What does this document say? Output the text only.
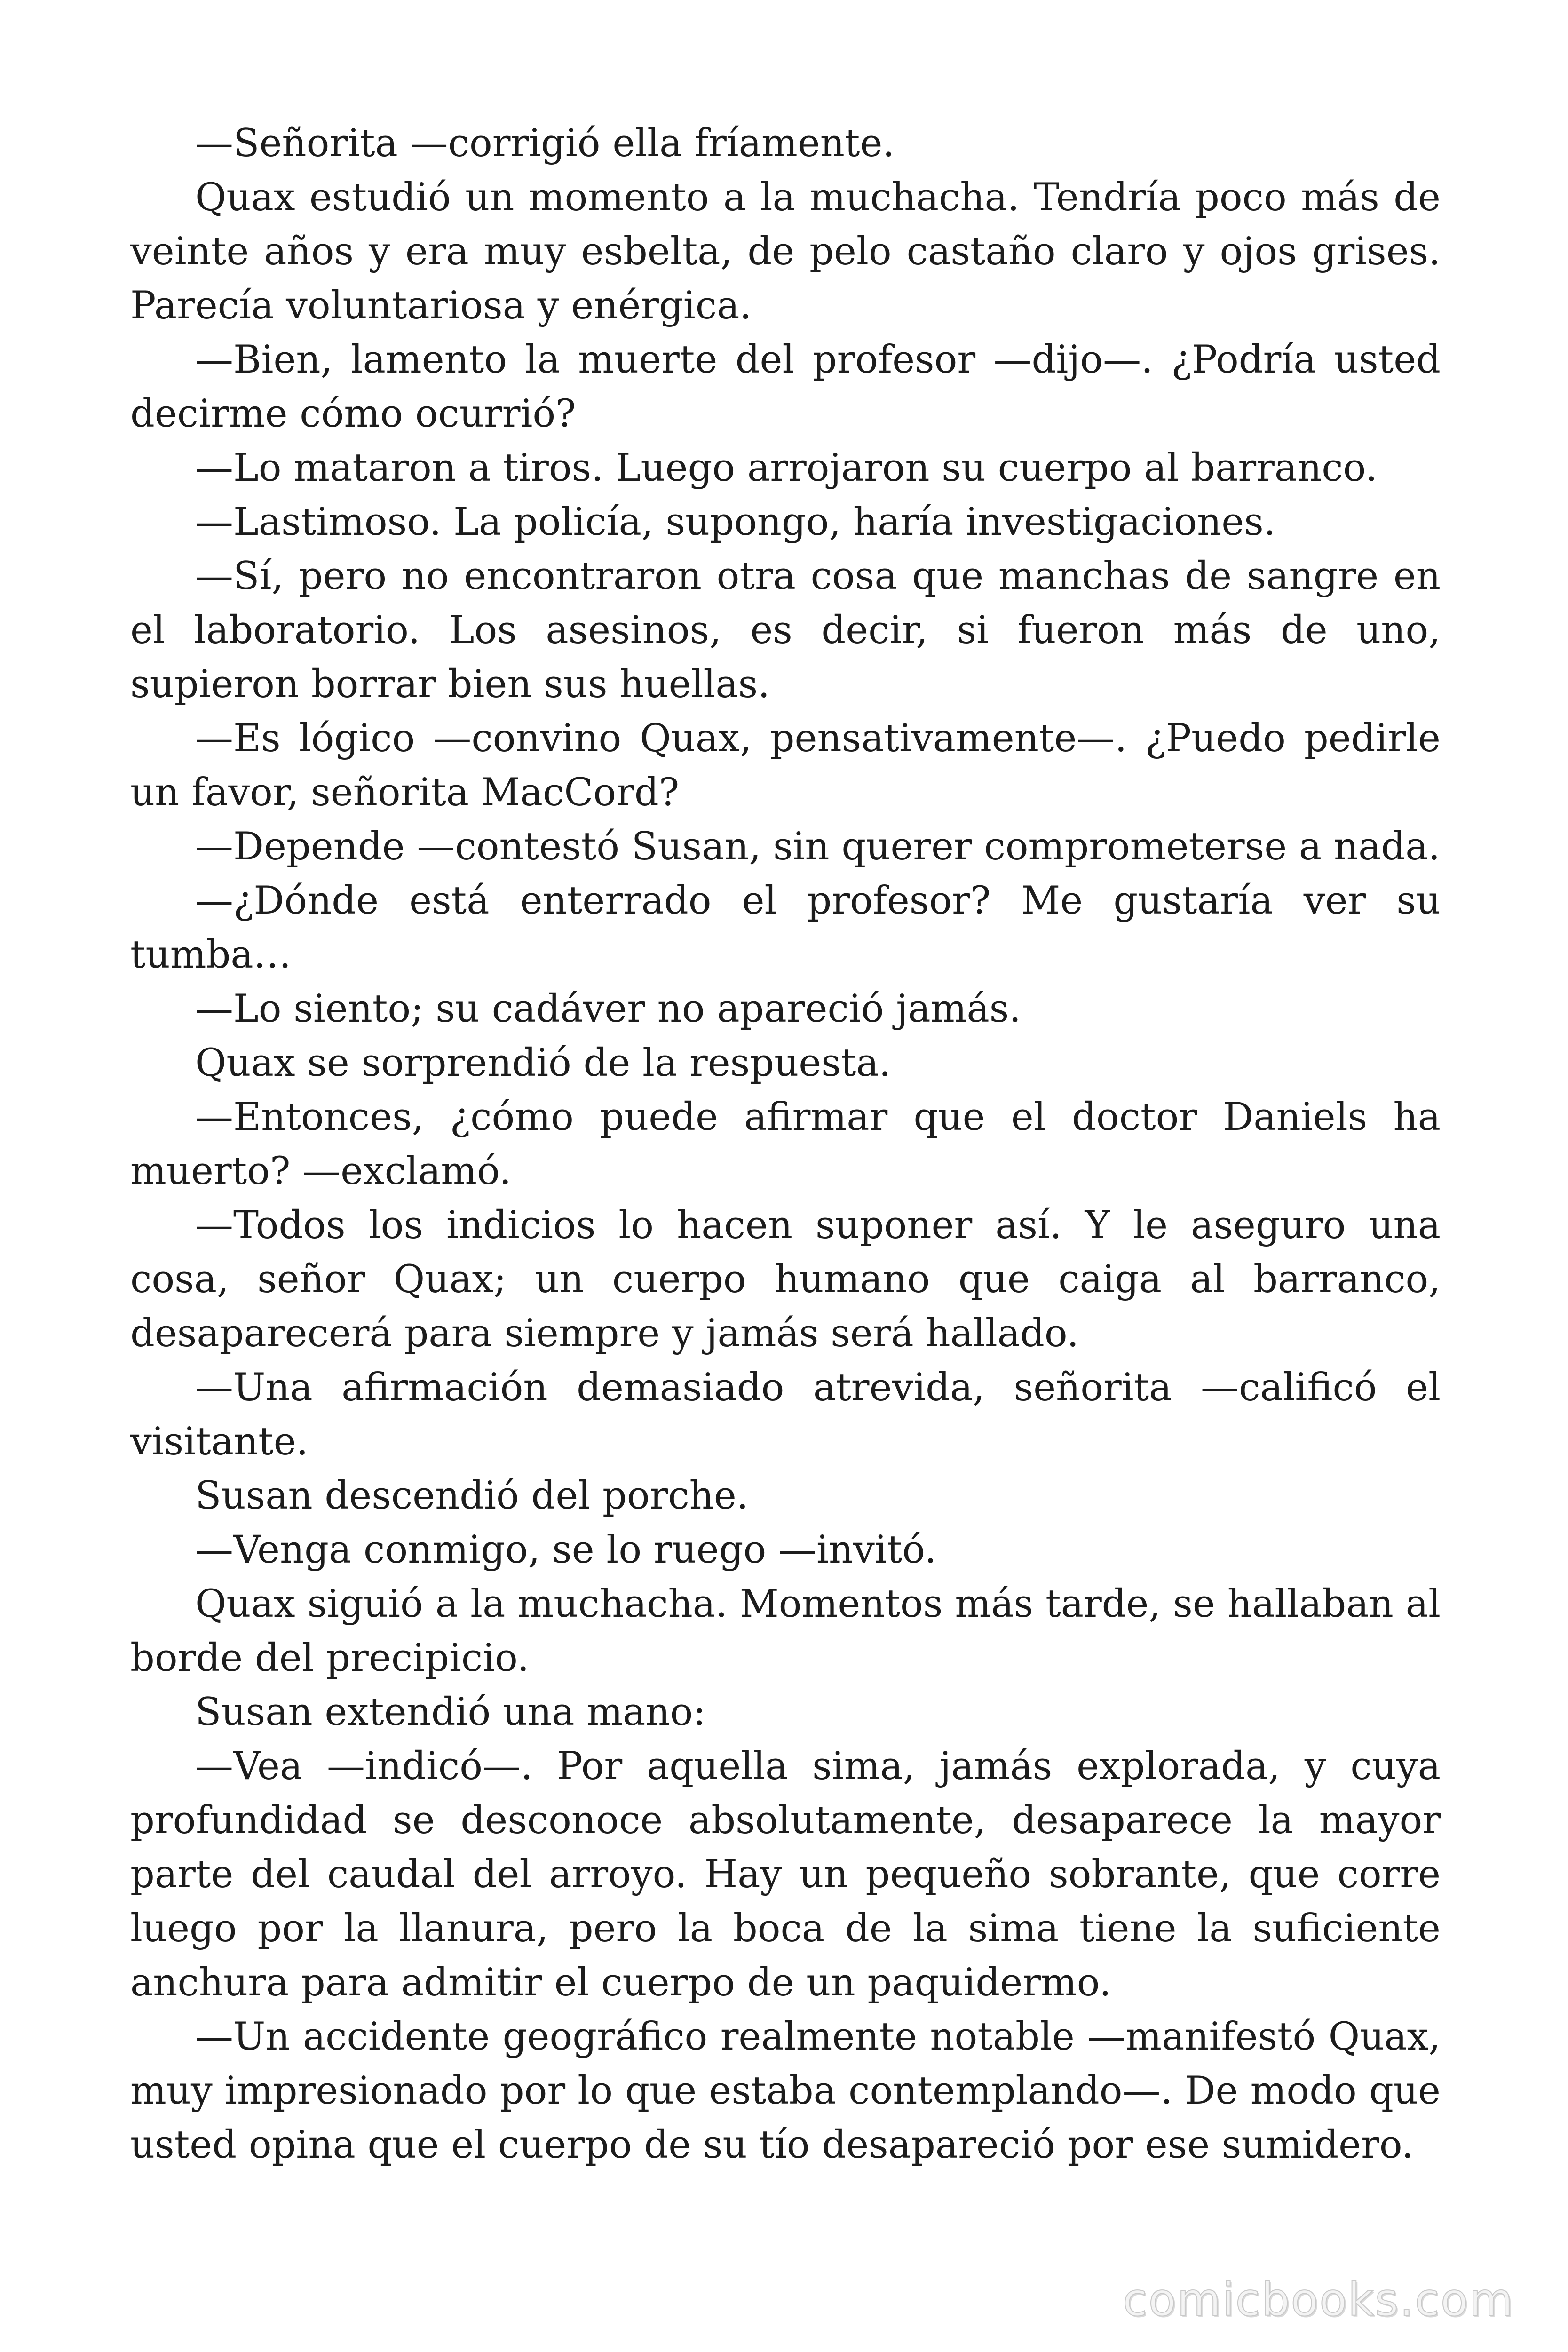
—Señorita —corrigió ella fríamente.

Quax estudió un momento a la muchacha. Tendría poco más de veinte años y era muy esbelta, de pelo castaño claro y ojos grises. Parecía voluntariosa y enérgica.

—Bien, lamento la muerte del profesor —dijo—. ¿Podría usted decirme cómo ocurrió?

—Lo mataron a tiros. Luego arrojaron su cuerpo al barranco.

—Lastimoso. La policía, supongo, haría investigaciones.

—Sí, pero no encontraron otra cosa que manchas de sangre en el laboratorio. Los asesinos, es decir, si fueron más de uno, supieron borrar bien sus huellas.

—Es lógico —convino Quax, pensativamente—. ¿Puedo pedirle un favor, señorita MacCord?

—Depende —contestó Susan, sin querer comprometerse a nada.

—¿Dónde está enterrado el profesor? Me gustaría ver su tumba…

—Lo siento; su cadáver no apareció jamás.

Quax se sorprendió de la respuesta.

—Entonces, ¿cómo puede afirmar que el doctor Daniels ha muerto? —exclamó.

—Todos los indicios lo hacen suponer así. Y le aseguro una cosa, señor Quax; un cuerpo humano que caiga al barranco, desaparecerá para siempre y jamás será hallado.

—Una afirmación demasiado atrevida, señorita —calificó el visitante.

Susan descendió del porche.

—Venga conmigo, se lo ruego —invitó.

Quax siguió a la muchacha. Momentos más tarde, se hallaban al borde del precipicio.

Susan extendió una mano:

—Vea —indicó—. Por aquella sima, jamás explorada, y cuya profundidad se desconoce absolutamente, desaparece la mayor parte del caudal del arroyo. Hay un pequeño sobrante, que corre luego por la llanura, pero la boca de la sima tiene la suficiente anchura para admitir el cuerpo de un paquidermo.

—Un accidente geográfico realmente notable —manifestó Quax, muy impresionado por lo que estaba contemplando—. De modo que usted opina que el cuerpo de su tío desapareció por ese sumidero.

comicbooks.com
